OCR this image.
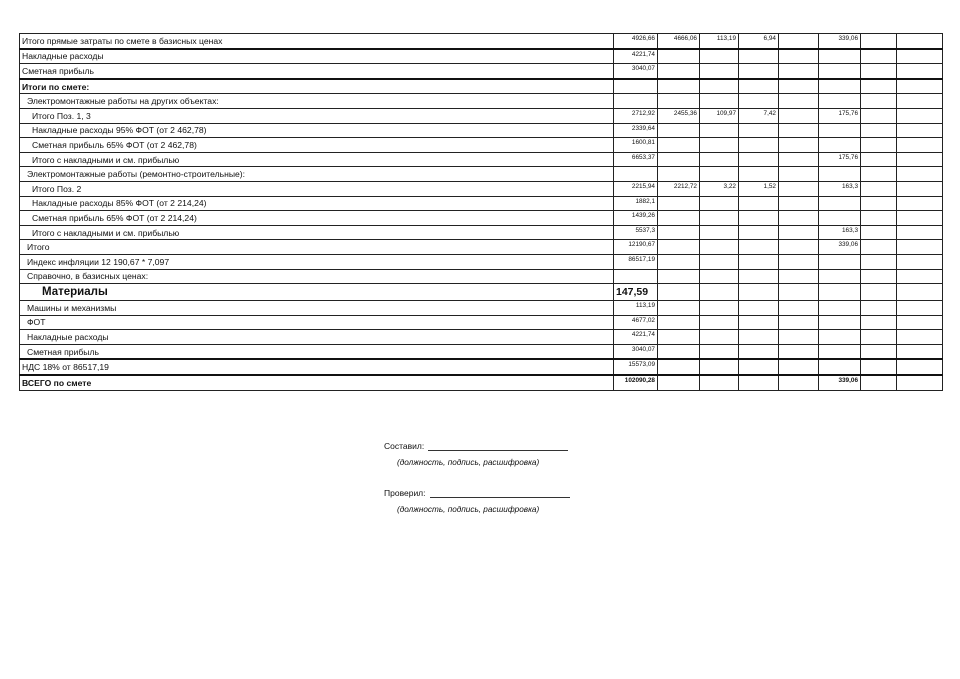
Итого прямые затраты по смете в базисных ценах	4926,66	4666,06	113,19	6,94		339,06			
Накладные расходы	4221,74								
Сметная прибыль	3040,07								
Итоги по смете:									
Электромонтажные работы на других объектах:									
Итого Поз. 1, 3	2712,92	2455,36	109,97	7,42		175,76			
Накладные расходы 95% ФОТ (от 2 462,78)	2339,64								
Сметная прибыль 65% ФОТ (от 2 462,78)	1600,81								
Итого с накладными и см. прибылью	6653,37					175,76			
Электромонтажные работы (ремонтно-строительные):									
Итого Поз. 2	2215,94	2212,72	3,22	1,52		163,3			
Накладные расходы 85% ФОТ (от 2 214,24)	1882,1								
Сметная прибыль 65% ФОТ (от 2 214,24)	1439,26								
Итого с накладными и см. прибылью	5537,3					163,3			
Итого	12190,67					339,06			
Индекс инфляции 12 190,67 * 7,097	86517,19								
Справочно, в базисных ценах:									
Материалы	147,59								
Машины и механизмы	113,19								
ФОТ	4677,02								
Накладные расходы	4221,74								
Сметная прибыль	3040,07								
НДС 18% от 86517,19	15573,09								
ВСЕГО по смете	102090,28					339,06			
Составил:
(должность, подпись, расшифровка)
Проверил:
(должность, подпись, расшифровка)
